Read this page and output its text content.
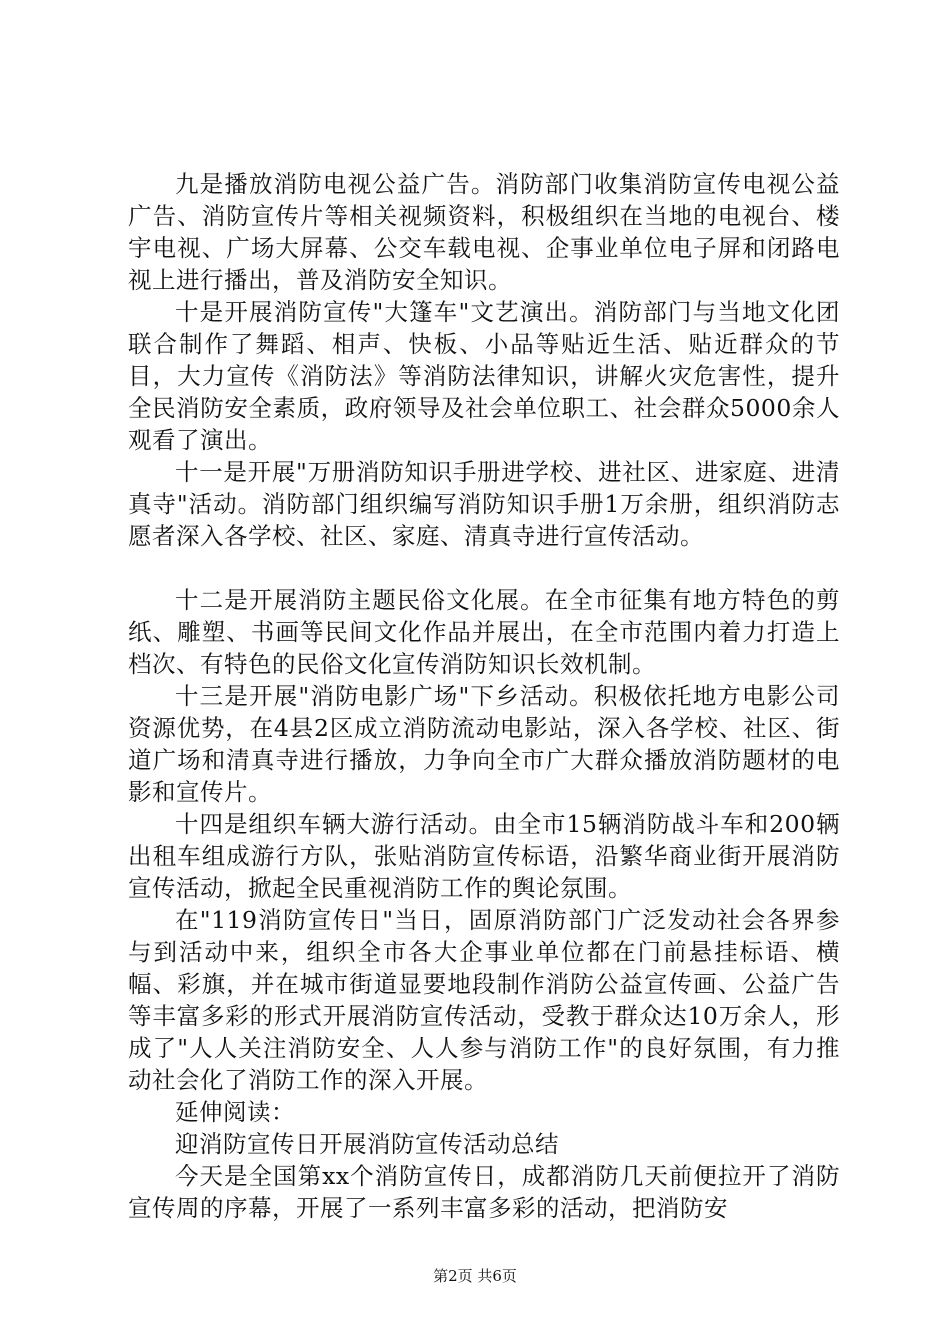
九是播放消防电视公益广告。消防部门收集消防宣传电视公益广告、消防宣传片等相关视频资料，积极组织在当地的电视台、楼宇电视、广场大屏幕、公交车载电视、企事业单位电子屏和闭路电视上进行播出，普及消防安全知识。

十是开展消防宣传"大篷车"文艺演出。消防部门与当地文化团联合制作了舞蹈、相声、快板、小品等贴近生活、贴近群众的节目，大力宣传《消防法》等消防法律知识，讲解火灾危害性，提升全民消防安全素质，政府领导及社会单位职工、社会群众5000余人观看了演出。

十一是开展"万册消防知识手册进学校、进社区、进家庭、进清真寺"活动。消防部门组织编写消防知识手册1万余册，组织消防志愿者深入各学校、社区、家庭、清真寺进行宣传活动。

十二是开展消防主题民俗文化展。在全市征集有地方特色的剪纸、雕塑、书画等民间文化作品并展出，在全市范围内着力打造上档次、有特色的民俗文化宣传消防知识长效机制。

十三是开展"消防电影广场"下乡活动。积极依托地方电影公司资源优势，在4县2区成立消防流动电影站，深入各学校、社区、街道广场和清真寺进行播放，力争向全市广大群众播放消防题材的电影和宣传片。

十四是组织车辆大游行活动。由全市15辆消防战斗车和200辆出租车组成游行方队，张贴消防宣传标语，沿繁华商业街开展消防宣传活动，掀起全民重视消防工作的舆论氛围。

在"119消防宣传日"当日，固原消防部门广泛发动社会各界参与到活动中来，组织全市各大企事业单位都在门前悬挂标语、横幅、彩旗，并在城市街道显要地段制作消防公益宣传画、公益广告等丰富多彩的形式开展消防宣传活动，受教于群众达10万余人，形成了"人人关注消防安全、人人参与消防工作"的良好氛围，有力推动社会化了消防工作的深入开展。

延伸阅读：

迎消防宣传日开展消防宣传活动总结

今天是全国第xx个消防宣传日，成都消防几天前便拉开了消防宣传周的序幕，开展了一系列丰富多彩的活动，把消防安

第2页 共6页
